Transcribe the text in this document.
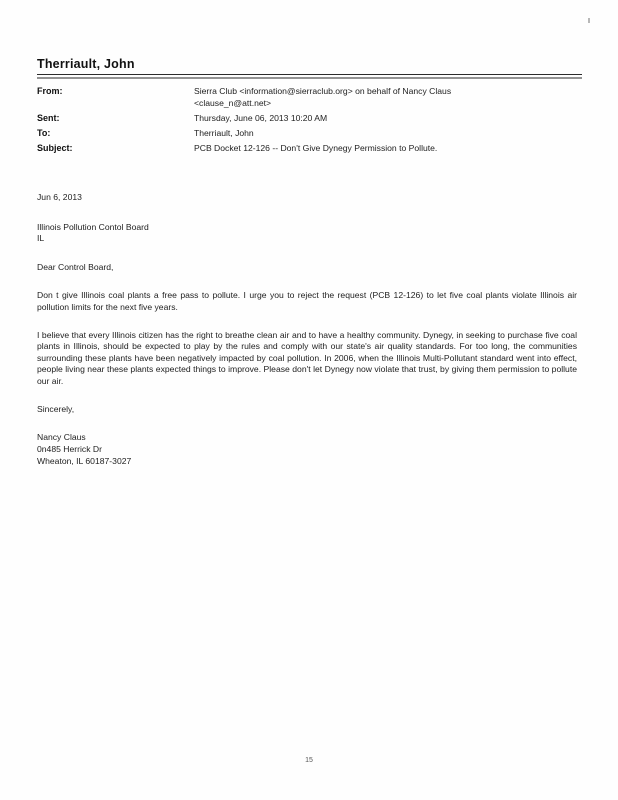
Therriault, John
From:	Sierra Club <information@sierraclub.org> on behalf of Nancy Claus
<clause_n@att.net>
Sent:	Thursday, June 06, 2013 10:20 AM
To:	Therriault, John
Subject:	PCB Docket 12-126 -- Don't Give Dynegy Permission to Pollute.
Jun 6, 2013
Illinois Pollution Contol Board
IL
Dear Control Board,
Don t give Illinois coal plants a free pass to pollute. I urge you to reject the request (PCB 12-126) to let five coal plants violate Illinois air pollution limits for the next five years.
I believe that every Illinois citizen has the right to breathe clean air and to have a healthy community. Dynegy, in seeking to purchase five coal plants in Illinois, should be expected to play by the rules and comply with our state's air quality standards. For too long, the communities surrounding these plants have been negatively impacted by coal pollution. In 2006, when the Illinois Multi-Pollutant standard went into effect, people living near these plants expected things to improve. Please don't let Dynegy now violate that trust, by giving them permission to pollute our air.
Sincerely,
Nancy Claus
0n485 Herrick Dr
Wheaton, IL 60187-3027
15
